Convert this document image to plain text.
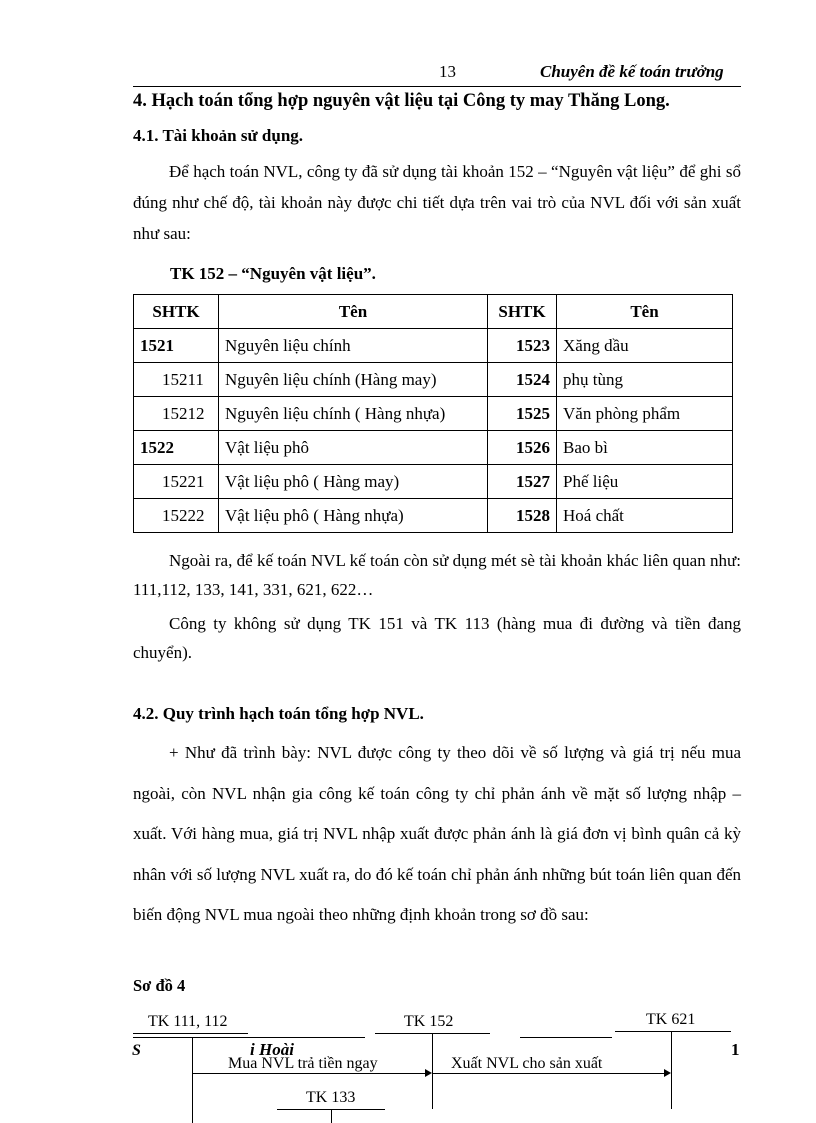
13	Chuyên đề kế toán trưởng
4. Hạch toán tổng hợp nguyên vật liệu tại Công ty may Thăng Long.
4.1. Tài khoản sử dụng.
Để hạch toán NVL, công ty đã sử dụng tài khoản 152 – “Nguyên vật liệu” để ghi sổ đúng như chế độ, tài khoản này được chi tiết dựa trên vai trò của NVL đối với sản xuất như sau:
TK 152 – “Nguyên vật liệu”.
SHTK	Tên	SHTK	Tên
1521	Nguyên liệu chính	1523	Xăng dầu
15211	Nguyên liệu chính (Hàng may)	1524	phụ tùng
15212	Nguyên liệu chính ( Hàng nhựa)	1525	Văn phòng phẩm
1522	Vật liệu phô	1526	Bao bì
15221	Vật liệu phô ( Hàng may)	1527	Phế liệu
15222	Vật liệu phô ( Hàng nhựa)	1528	Hoá chất
Ngoài ra, để kế toán NVL kế toán còn sử dụng mét sè tài khoản khác liên quan như: 111,112, 133, 141, 331, 621, 622…
Công ty không sử dụng TK 151 và TK 113 (hàng mua đi đường và tiền đang chuyển).
4.2. Quy trình hạch toán tổng hợp NVL.
+ Như đã trình bày: NVL được công ty theo dõi về số lượng và giá trị nếu mua ngoài, còn NVL nhận gia công kế toán công ty chỉ phản ánh về mặt số lượng nhập – xuất. Với hàng mua, giá trị NVL nhập xuất được phản ánh là giá đơn vị bình quân cả kỳ nhân với số lượng NVL xuất ra, do đó kế toán chỉ phản ánh những bút toán liên quan đến biến động NVL mua ngoài theo những định khoản trong sơ đồ sau:
Sơ đồ 4
TK 111, 112	TK 152	TK 621
S	i Hoài	1
Mua NVL trả tiền ngay	Xuất NVL cho sản xuất
TK 133
